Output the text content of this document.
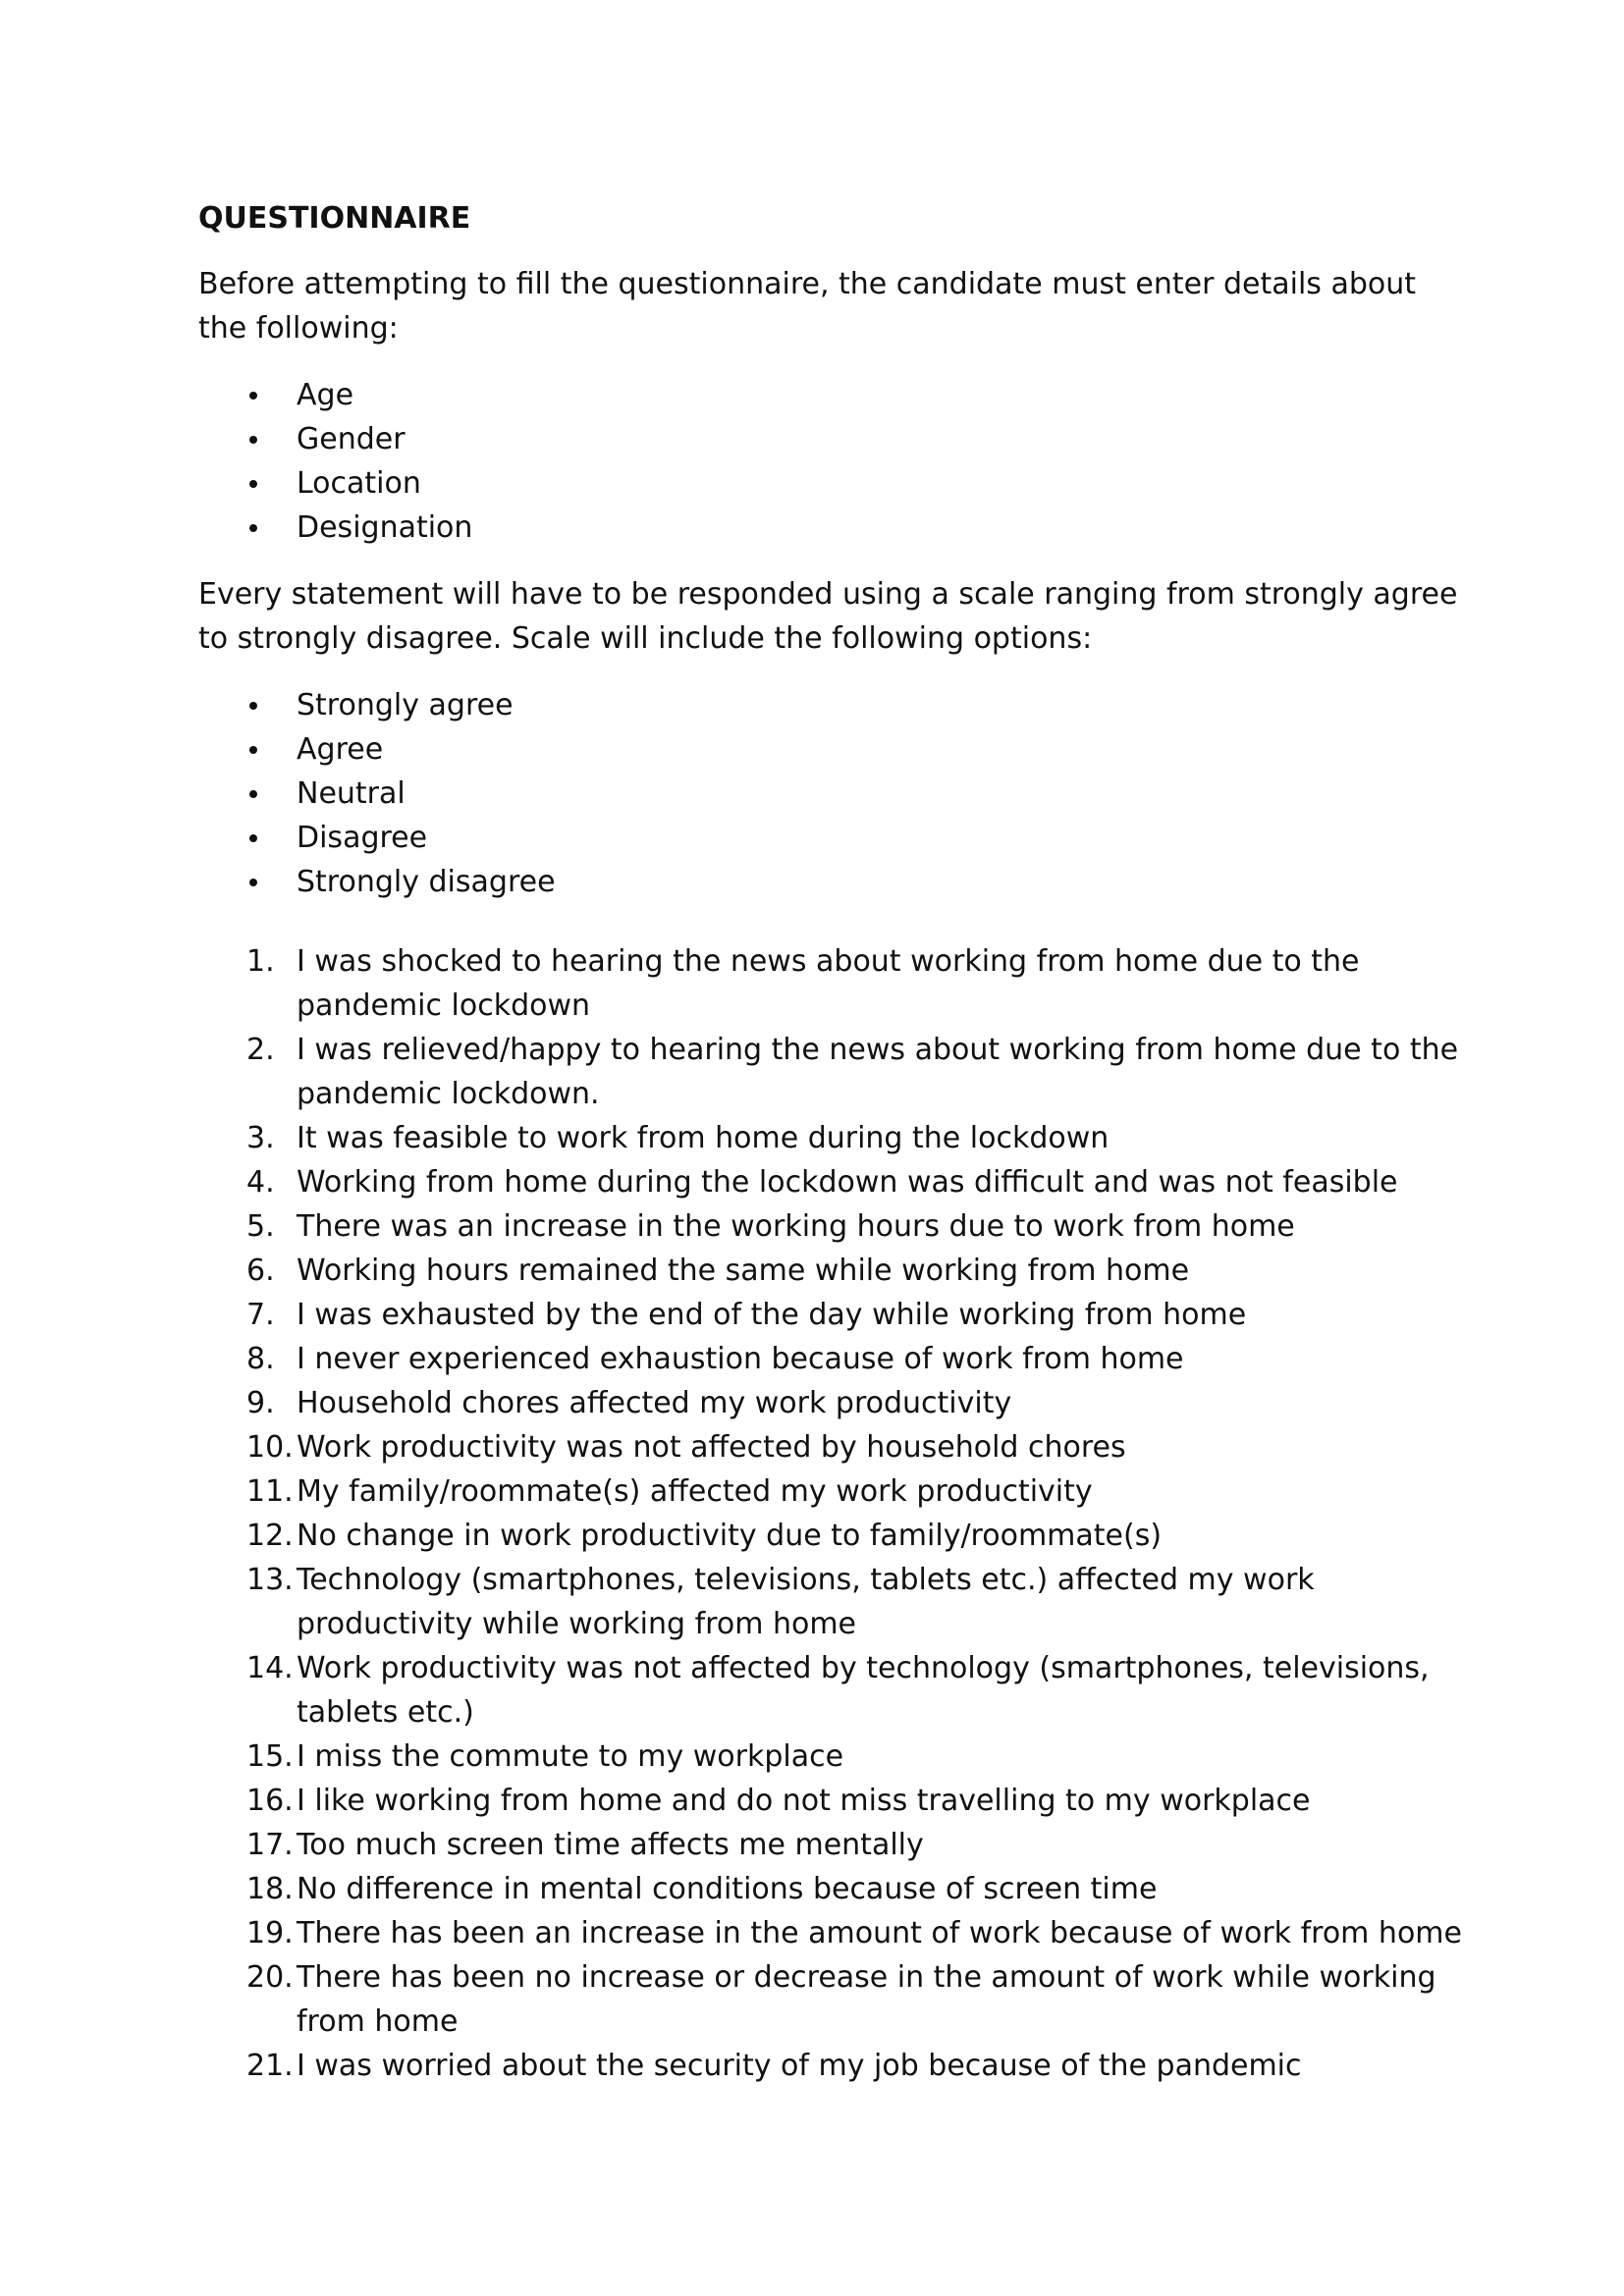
QUESTIONNAIRE
Before attempting to fill the questionnaire, the candidate must enter details about the following:
Age
Gender
Location
Designation
Every statement will have to be responded using a scale ranging from strongly agree to strongly disagree. Scale will include the following options:
Strongly agree
Agree
Neutral
Disagree
Strongly disagree
1. I was shocked to hearing the news about working from home due to the pandemic lockdown
2. I was relieved/happy to hearing the news about working from home due to the pandemic lockdown.
3. It was feasible to work from home during the lockdown
4. Working from home during the lockdown was difficult and was not feasible
5. There was an increase in the working hours due to work from home
6. Working hours remained the same while working from home
7. I was exhausted by the end of the day while working from home
8. I never experienced exhaustion because of work from home
9. Household chores affected my work productivity
10. Work productivity was not affected by household chores
11. My family/roommate(s) affected my work productivity
12. No change in work productivity due to family/roommate(s)
13. Technology (smartphones, televisions, tablets etc.) affected my work productivity while working from home
14. Work productivity was not affected by technology (smartphones, televisions, tablets etc.)
15. I miss the commute to my workplace
16. I like working from home and do not miss travelling to my workplace
17. Too much screen time affects me mentally
18. No difference in mental conditions because of screen time
19. There has been an increase in the amount of work because of work from home
20. There has been no increase or decrease in the amount of work while working from home
21. I was worried about the security of my job because of the pandemic
